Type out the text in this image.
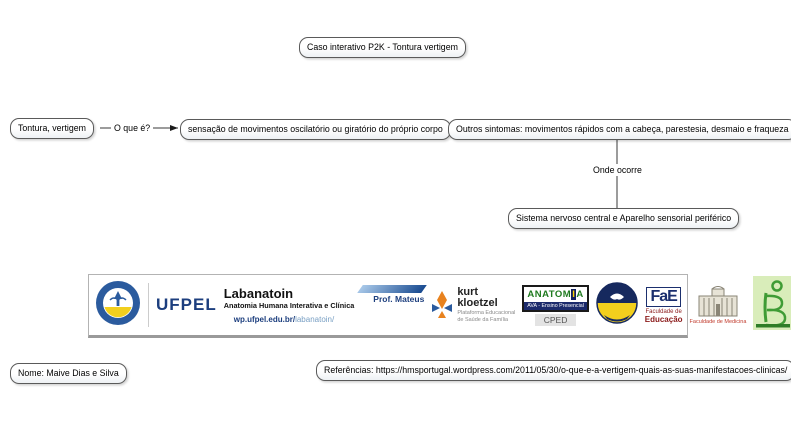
Caso interativo P2K - Tontura vertigem
Tontura, vertigem	sensação de movimentos oscilatório ou giratório do próprio corpo	Outros sintomas: movimentos rápidos com a cabeça, parestesia, desmaio e fraqueza
Sistema nervoso central e Aparelho sensorial periférico
Nome: Maive Dias e Silva	Referências: https://hmsportugal.wordpress.com/2011/05/30/o-que-e-a-vertigem-quais-as-suas-manifestacoes-clinicas/
O que é?
Onde ocorre
UFPEL
Labanatoin
Anatomia Humana Interativa e Clínica
Prof. Mateus
wp.ufpel.edu.br/labanatoin/
kurt
kloetzel
Plataforma Educacional
de Saúde da Família
ANATOMIA
AVA - Ensino Presencial
CPED
FaE
Faculdade de
Educação Faculdade de Medicina
